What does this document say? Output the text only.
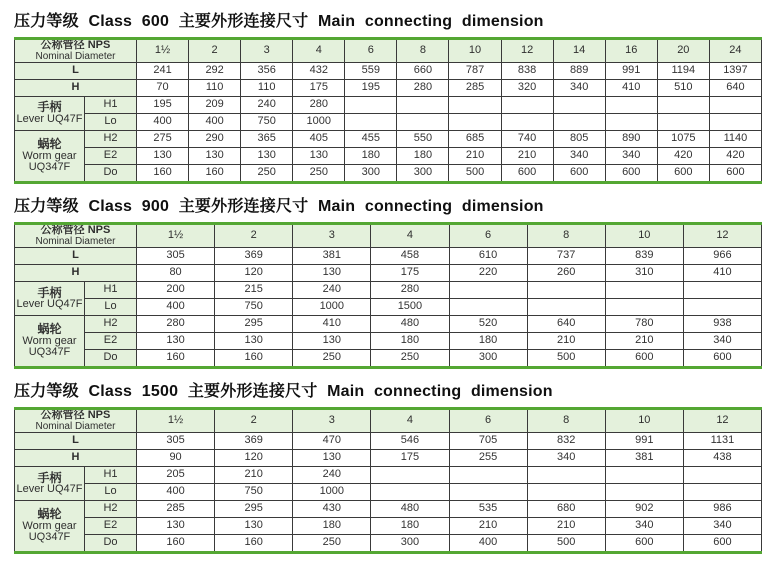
压力等级 Class 600 主要外形连接尺寸 Main connecting dimension
公称管径 NPS
Nominal Diameter		1½	2	3	4	6	8	10	12	14	16	20	24
L		241	292	356	432	559	660	787	838	889	991	1194	1397
H		70	110	110	175	195	280	285	320	340	410	510	640

手柄
Lever UQ47F	H1	195	209	240	280								
	Lo	400	400	750	1000								

蜗轮
Worm gear
UQ347F	H2	275	290	365	405	455	550	685	740	805	890	1075	1140
	E2	130	130	130	130	180	180	210	210	340	340	420	420
	Do	160	160	250	250	300	300	500	600	600	600	600	600
压力等级 Class 900 主要外形连接尺寸 Main connecting dimension
公称管径 NPS
Nominal Diameter		1½	2	3	4	6	8	10	12
L		305	369	381	458	610	737	839	966
H		80	120	130	175	220	260	310	410

手柄
Lever UQ47F	H1	200	215	240	280				
	Lo	400	750	1000	1500				

蜗轮
Worm gear
UQ347F	H2	280	295	410	480	520	640	780	938
	E2	130	130	130	180	180	210	210	340
	Do	160	160	250	250	300	500	600	600
压力等级 Class 1500 主要外形连接尺寸 Main connecting dimension
公称管径 NPS
Nominal Diameter		1½	2	3	4	6	8	10	12
L		305	369	470	546	705	832	991	1131
H		90	120	130	175	255	340	381	438

手柄
Lever UQ47F	H1	205	210	240					
	Lo	400	750	1000					

蜗轮
Worm gear
UQ347F	H2	285	295	430	480	535	680	902	986
	E2	130	130	180	180	210	210	340	340
	Do	160	160	250	300	400	500	600	600
